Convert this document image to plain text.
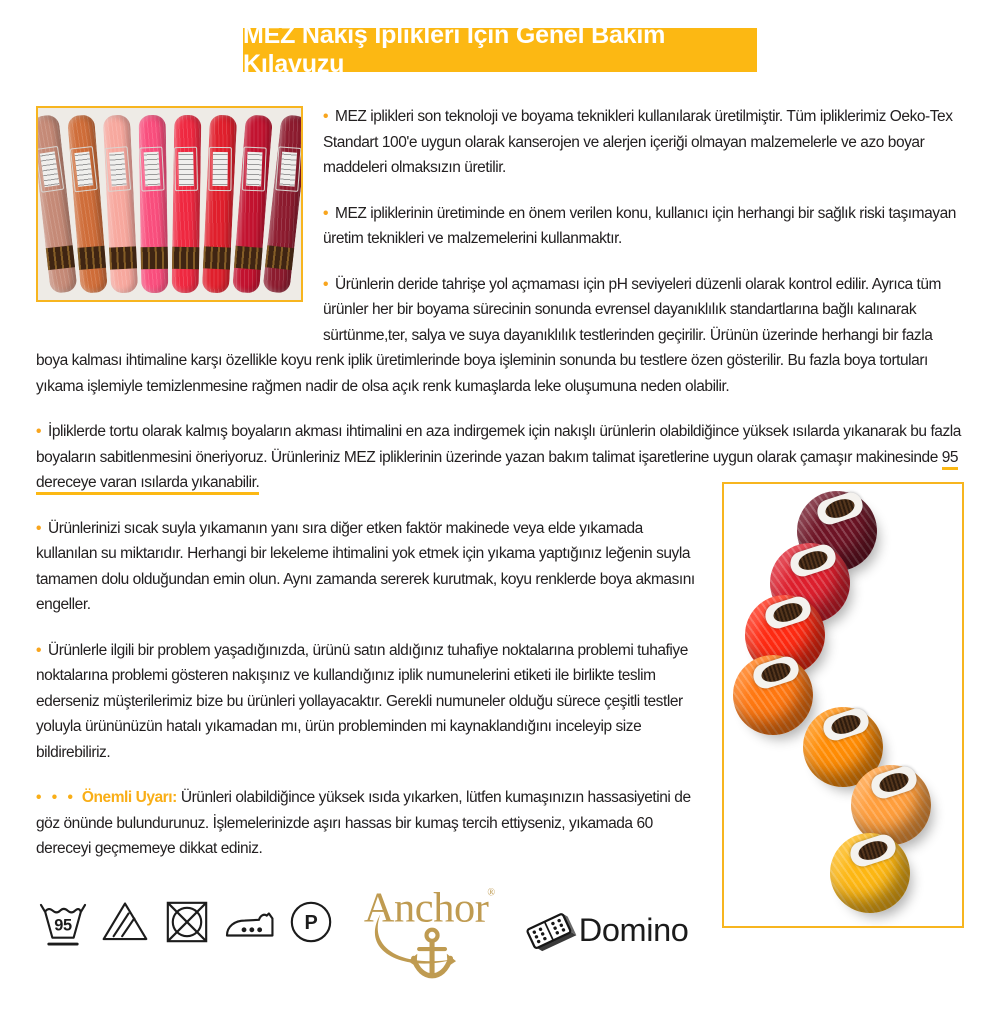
MEZ Nakış İplikleri İçin Genel Bakım Kılavuzu

• MEZ iplikleri son teknoloji ve boyama teknikleri kullanılarak üretilmiştir. Tüm ipliklerimiz Oeko-Tex Standart 100'e uygun olarak kanserojen ve alerjen içeriği olmayan malzemelerle ve azo boyar maddeleri olmaksızın üretilir.

• MEZ ipliklerinin üretiminde en önem verilen konu, kullanıcı için herhangi bir sağlık riski taşımayan üretim teknikleri ve malzemelerini kullanmaktır.

• Ürünlerin deride tahrişe yol açmaması için pH seviyeleri düzenli olarak kontrol edilir. Ayrıca tüm ürünler her bir boyama sürecinin sonunda evrensel dayanıklılık standartlarına bağlı kalınarak sürtünme,ter, salya ve suya dayanıklılık testlerinden geçirilir. Ürünün üzerinde herhangi bir fazla boya kalması ihtimaline karşı özellikle koyu renk iplik üretimlerinde boya işleminin sonunda bu testlere özen gösterilir. Bu fazla boya tortuları yıkama işlemiyle temizlenmesine rağmen nadir de olsa açık renk kumaşlarda leke oluşumuna neden olabilir.

• İpliklerde tortu olarak kalmış boyaların akması ihtimalini en aza indirgemek için nakışlı ürünlerin olabildiğince yüksek ısılarda yıkanarak bu fazla boyaların sabitlenmesini öneriyoruz. Ürünleriniz MEZ ipliklerinin üzerinde yazan bakım talimat işaretlerine uygun olarak çamaşır makinesinde 95 dereceye varan ısılarda yıkanabilir.

• Ürünlerinizi sıcak suyla yıkamanın yanı sıra diğer etken faktör makinede veya elde yıkamada kullanılan su miktarıdır. Herhangi bir lekeleme ihtimalini yok etmek için yıkama yaptığınız leğenin suyla tamamen dolu olduğundan emin olun. Aynı zamanda sererek kurutmak, koyu renklerde boya akmasını engeller.

• Ürünlerle ilgili bir problem yaşadığınızda, ürünü satın aldığınız tuhafiye noktalarına problemi tuhafiye noktalarına problemi gösteren nakışınız ve kullandığınız iplik numunelerini etiketi ile birlikte teslim ederseniz müşterilerimiz bize bu ürünleri yollayacaktır. Gerekli numuneler olduğu sürece çeşitli testler yoluyla ürününüzün hatalı yıkamadan mı, ürün probleminden mi kaynaklandığını inceleyip size bildirebiliriz.

• • • Önemli Uyarı: Ürünleri olabildiğince yüksek ısıda yıkarken, lütfen kumaşınızın hassasiyetini de göz önünde bulundurunuz. İşlemelerinizde aşırı hassas bir kumaş tercih ettiyseniz, yıkamada 60 dereceyi geçmemeye dikkat ediniz.

95	P Anchor
®
Domino
